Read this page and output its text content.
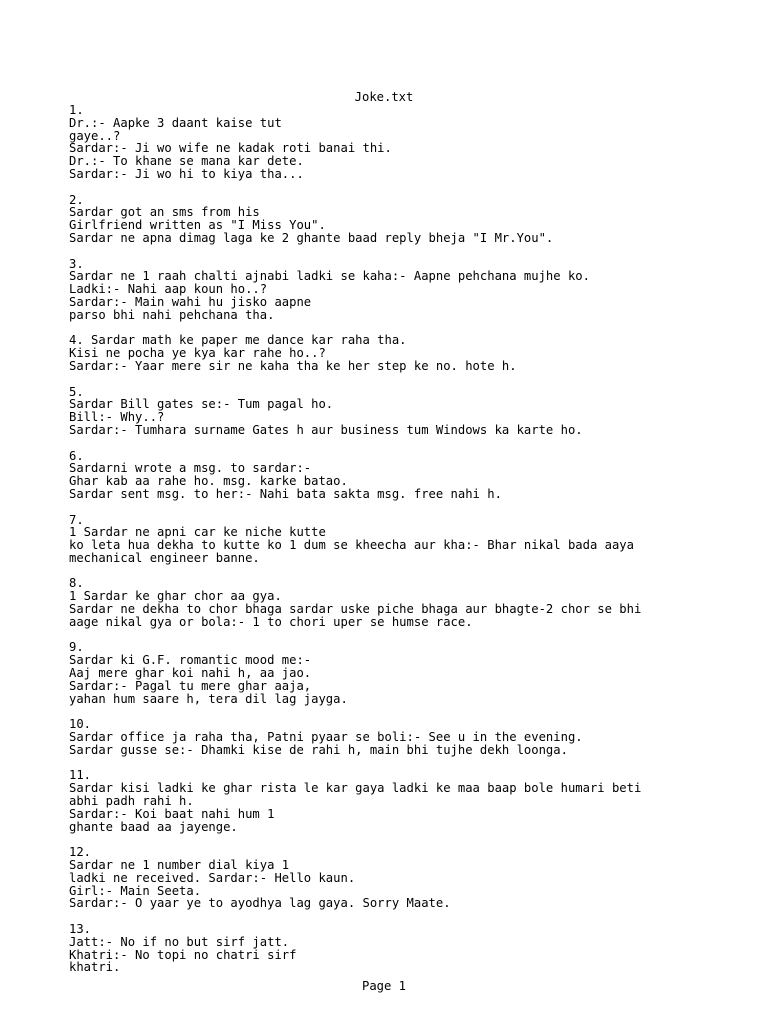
Joke.txt
1.
Dr.:- Aapke 3 daant kaise tut
gaye..?
Sardar:- Ji wo wife ne kadak roti banai thi.
Dr.:- To khane se mana kar dete.
Sardar:- Ji wo hi to kiya tha...
2.
Sardar got an sms from his
Girlfriend written as "I Miss You".
Sardar ne apna dimag laga ke 2 ghante baad reply bheja "I Mr.You".
3.
Sardar ne 1 raah chalti ajnabi ladki se kaha:- Aapne pehchana mujhe ko.
Ladki:- Nahi aap koun ho..?
Sardar:- Main wahi hu jisko aapne
parso bhi nahi pehchana tha.
4. Sardar math ke paper me dance kar raha tha.
Kisi ne pocha ye kya kar rahe ho..?
Sardar:- Yaar mere sir ne kaha tha ke her step ke no. hote h.
5.
Sardar Bill gates se:- Tum pagal ho.
Bill:- Why..?
Sardar:- Tumhara surname Gates h aur business tum Windows ka karte ho.
6.
Sardarni wrote a msg. to sardar:-
Ghar kab aa rahe ho. msg. karke batao.
Sardar sent msg. to her:- Nahi bata sakta msg. free nahi h.
7.
1 Sardar ne apni car ke niche kutte
ko leta hua dekha to kutte ko 1 dum se kheecha aur kha:- Bhar nikal bada aaya
mechanical engineer banne.
8.
1 Sardar ke ghar chor aa gya.
Sardar ne dekha to chor bhaga sardar uske piche bhaga aur bhagte-2 chor se bhi
aage nikal gya or bola:- 1 to chori uper se humse race.
9.
Sardar ki G.F. romantic mood me:-
Aaj mere ghar koi nahi h, aa jao.
Sardar:- Pagal tu mere ghar aaja,
yahan hum saare h, tera dil lag jayga.
10.
Sardar office ja raha tha, Patni pyaar se boli:- See u in the evening.
Sardar gusse se:- Dhamki kise de rahi h, main bhi tujhe dekh loonga.
11.
Sardar kisi ladki ke ghar rista le kar gaya ladki ke maa baap bole humari beti
abhi padh rahi h.
Sardar:- Koi baat nahi hum 1
ghante baad aa jayenge.
12.
Sardar ne 1 number dial kiya 1
ladki ne received. Sardar:- Hello kaun.
Girl:- Main Seeta.
Sardar:- O yaar ye to ayodhya lag gaya. Sorry Maate.
13.
Jatt:- No if no but sirf jatt.
Khatri:- No topi no chatri sirf
khatri.
Page 1
